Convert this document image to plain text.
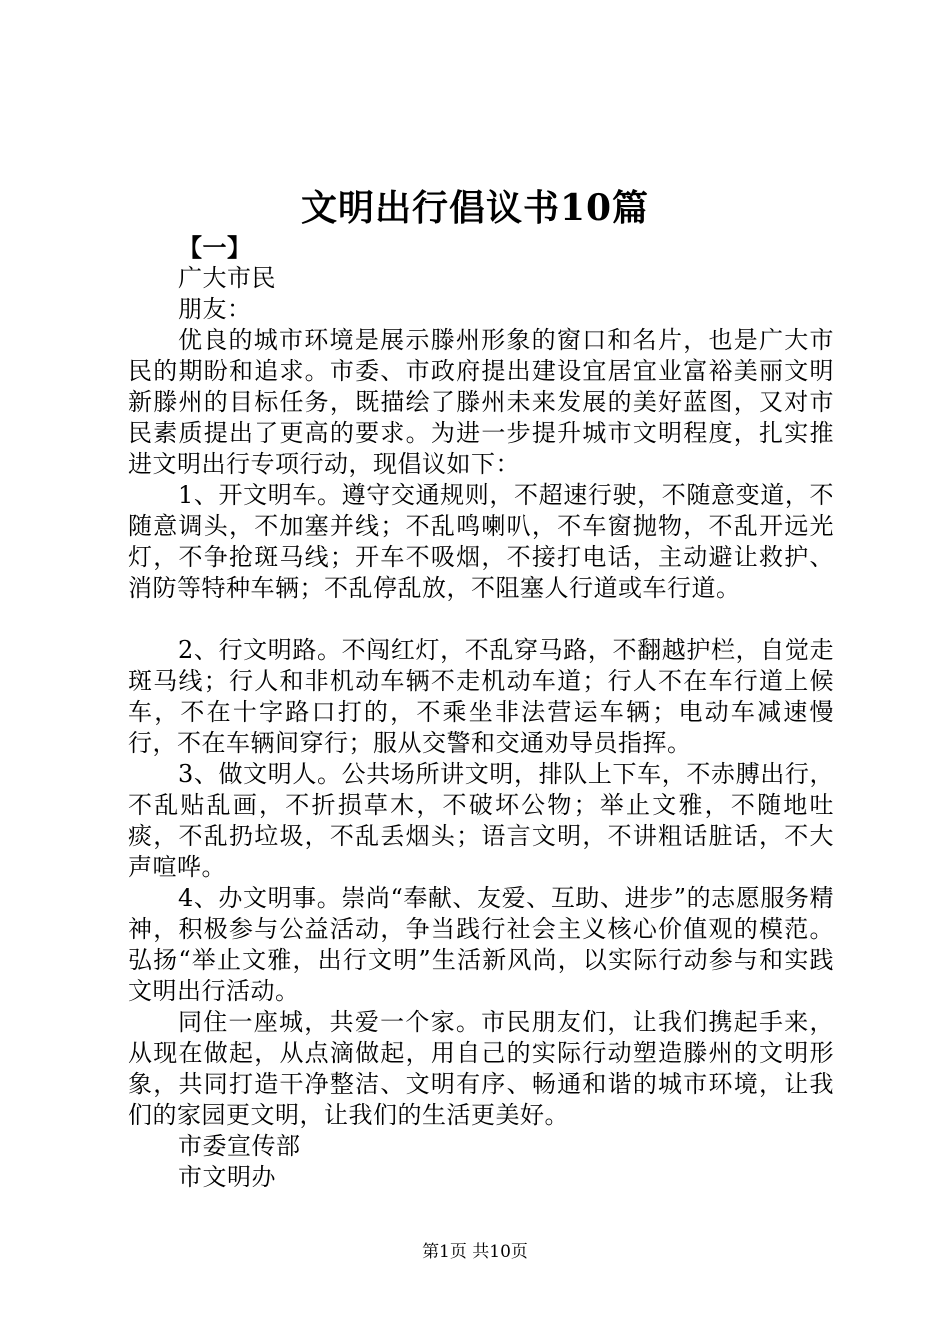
文明出行倡议书10篇

【一】

广大市民

朋友：

优良的城市环境是展示滕州形象的窗口和名片，也是广大市民的期盼和追求。市委、市政府提出建设宜居宜业富裕美丽文明新滕州的目标任务，既描绘了滕州未来发展的美好蓝图，又对市民素质提出了更高的要求。为进一步提升城市文明程度，扎实推进文明出行专项行动，现倡议如下：

1、开文明车。遵守交通规则，不超速行驶，不随意变道，不随意调头，不加塞并线；不乱鸣喇叭，不车窗抛物，不乱开远光灯，不争抢斑马线；开车不吸烟，不接打电话，主动避让救护、消防等特种车辆；不乱停乱放，不阻塞人行道或车行道。

2、行文明路。不闯红灯，不乱穿马路，不翻越护栏，自觉走斑马线；行人和非机动车辆不走机动车道；行人不在车行道上候车，不在十字路口打的，不乘坐非法营运车辆；电动车减速慢行，不在车辆间穿行；服从交警和交通劝导员指挥。

3、做文明人。公共场所讲文明，排队上下车，不赤膊出行，不乱贴乱画，不折损草木，不破坏公物；举止文雅，不随地吐痰，不乱扔垃圾，不乱丢烟头；语言文明，不讲粗话脏话，不大声喧哗。

4、办文明事。崇尚“奉献、友爱、互助、进步”的志愿服务精神，积极参与公益活动，争当践行社会主义核心价值观的模范。弘扬“举止文雅，出行文明”生活新风尚，以实际行动参与和实践文明出行活动。

同住一座城，共爱一个家。市民朋友们，让我们携起手来，从现在做起，从点滴做起，用自己的实际行动塑造滕州的文明形象，共同打造干净整洁、文明有序、畅通和谐的城市环境，让我们的家园更文明，让我们的生活更美好。

市委宣传部

市文明办

第1页 共10页
